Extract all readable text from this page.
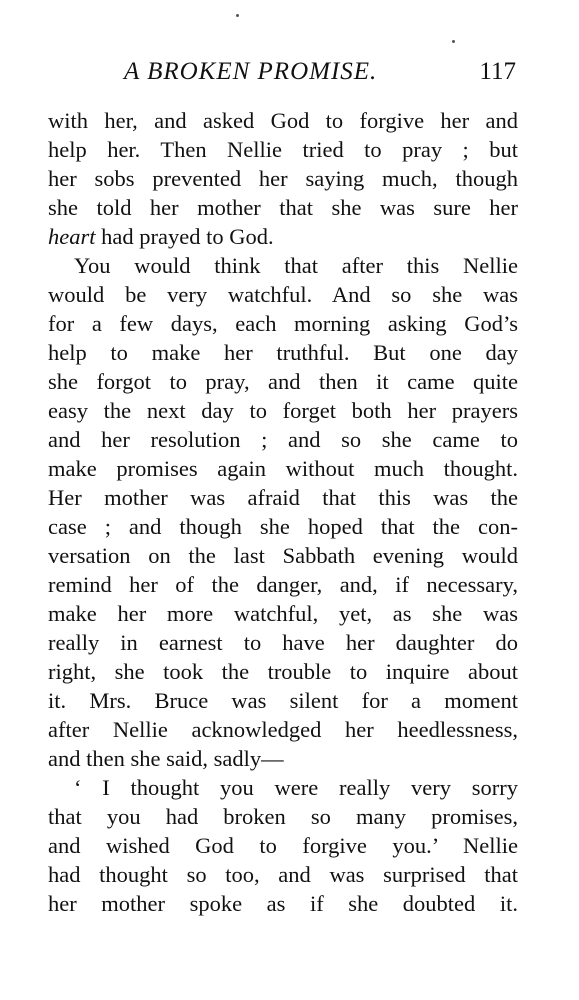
A BROKEN PROMISE.	117
with her, and asked God to forgive her and
help her. Then Nellie tried to pray ; but
her sobs prevented her saying much, though
she told her mother that she was sure her
heart had prayed to God.
You would think that after this Nellie
would be very watchful. And so she was
for a few days, each morning asking God’s
help to make her truthful. But one day
she forgot to pray, and then it came quite
easy the next day to forget both her prayers
and her resolution ; and so she came to
make promises again without much thought.
Her mother was afraid that this was the
case ; and though she hoped that the con-
versation on the last Sabbath evening would
remind her of the danger, and, if necessary,
make her more watchful, yet, as she was
really in earnest to have her daughter do
right, she took the trouble to inquire about
it. Mrs. Bruce was silent for a moment
after Nellie acknowledged her heedlessness,
and then she said, sadly—
‘ I thought you were really very sorry
that you had broken so many promises,
and wished God to forgive you.’ Nellie
had thought so too, and was surprised that
her mother spoke as if she doubted it.
